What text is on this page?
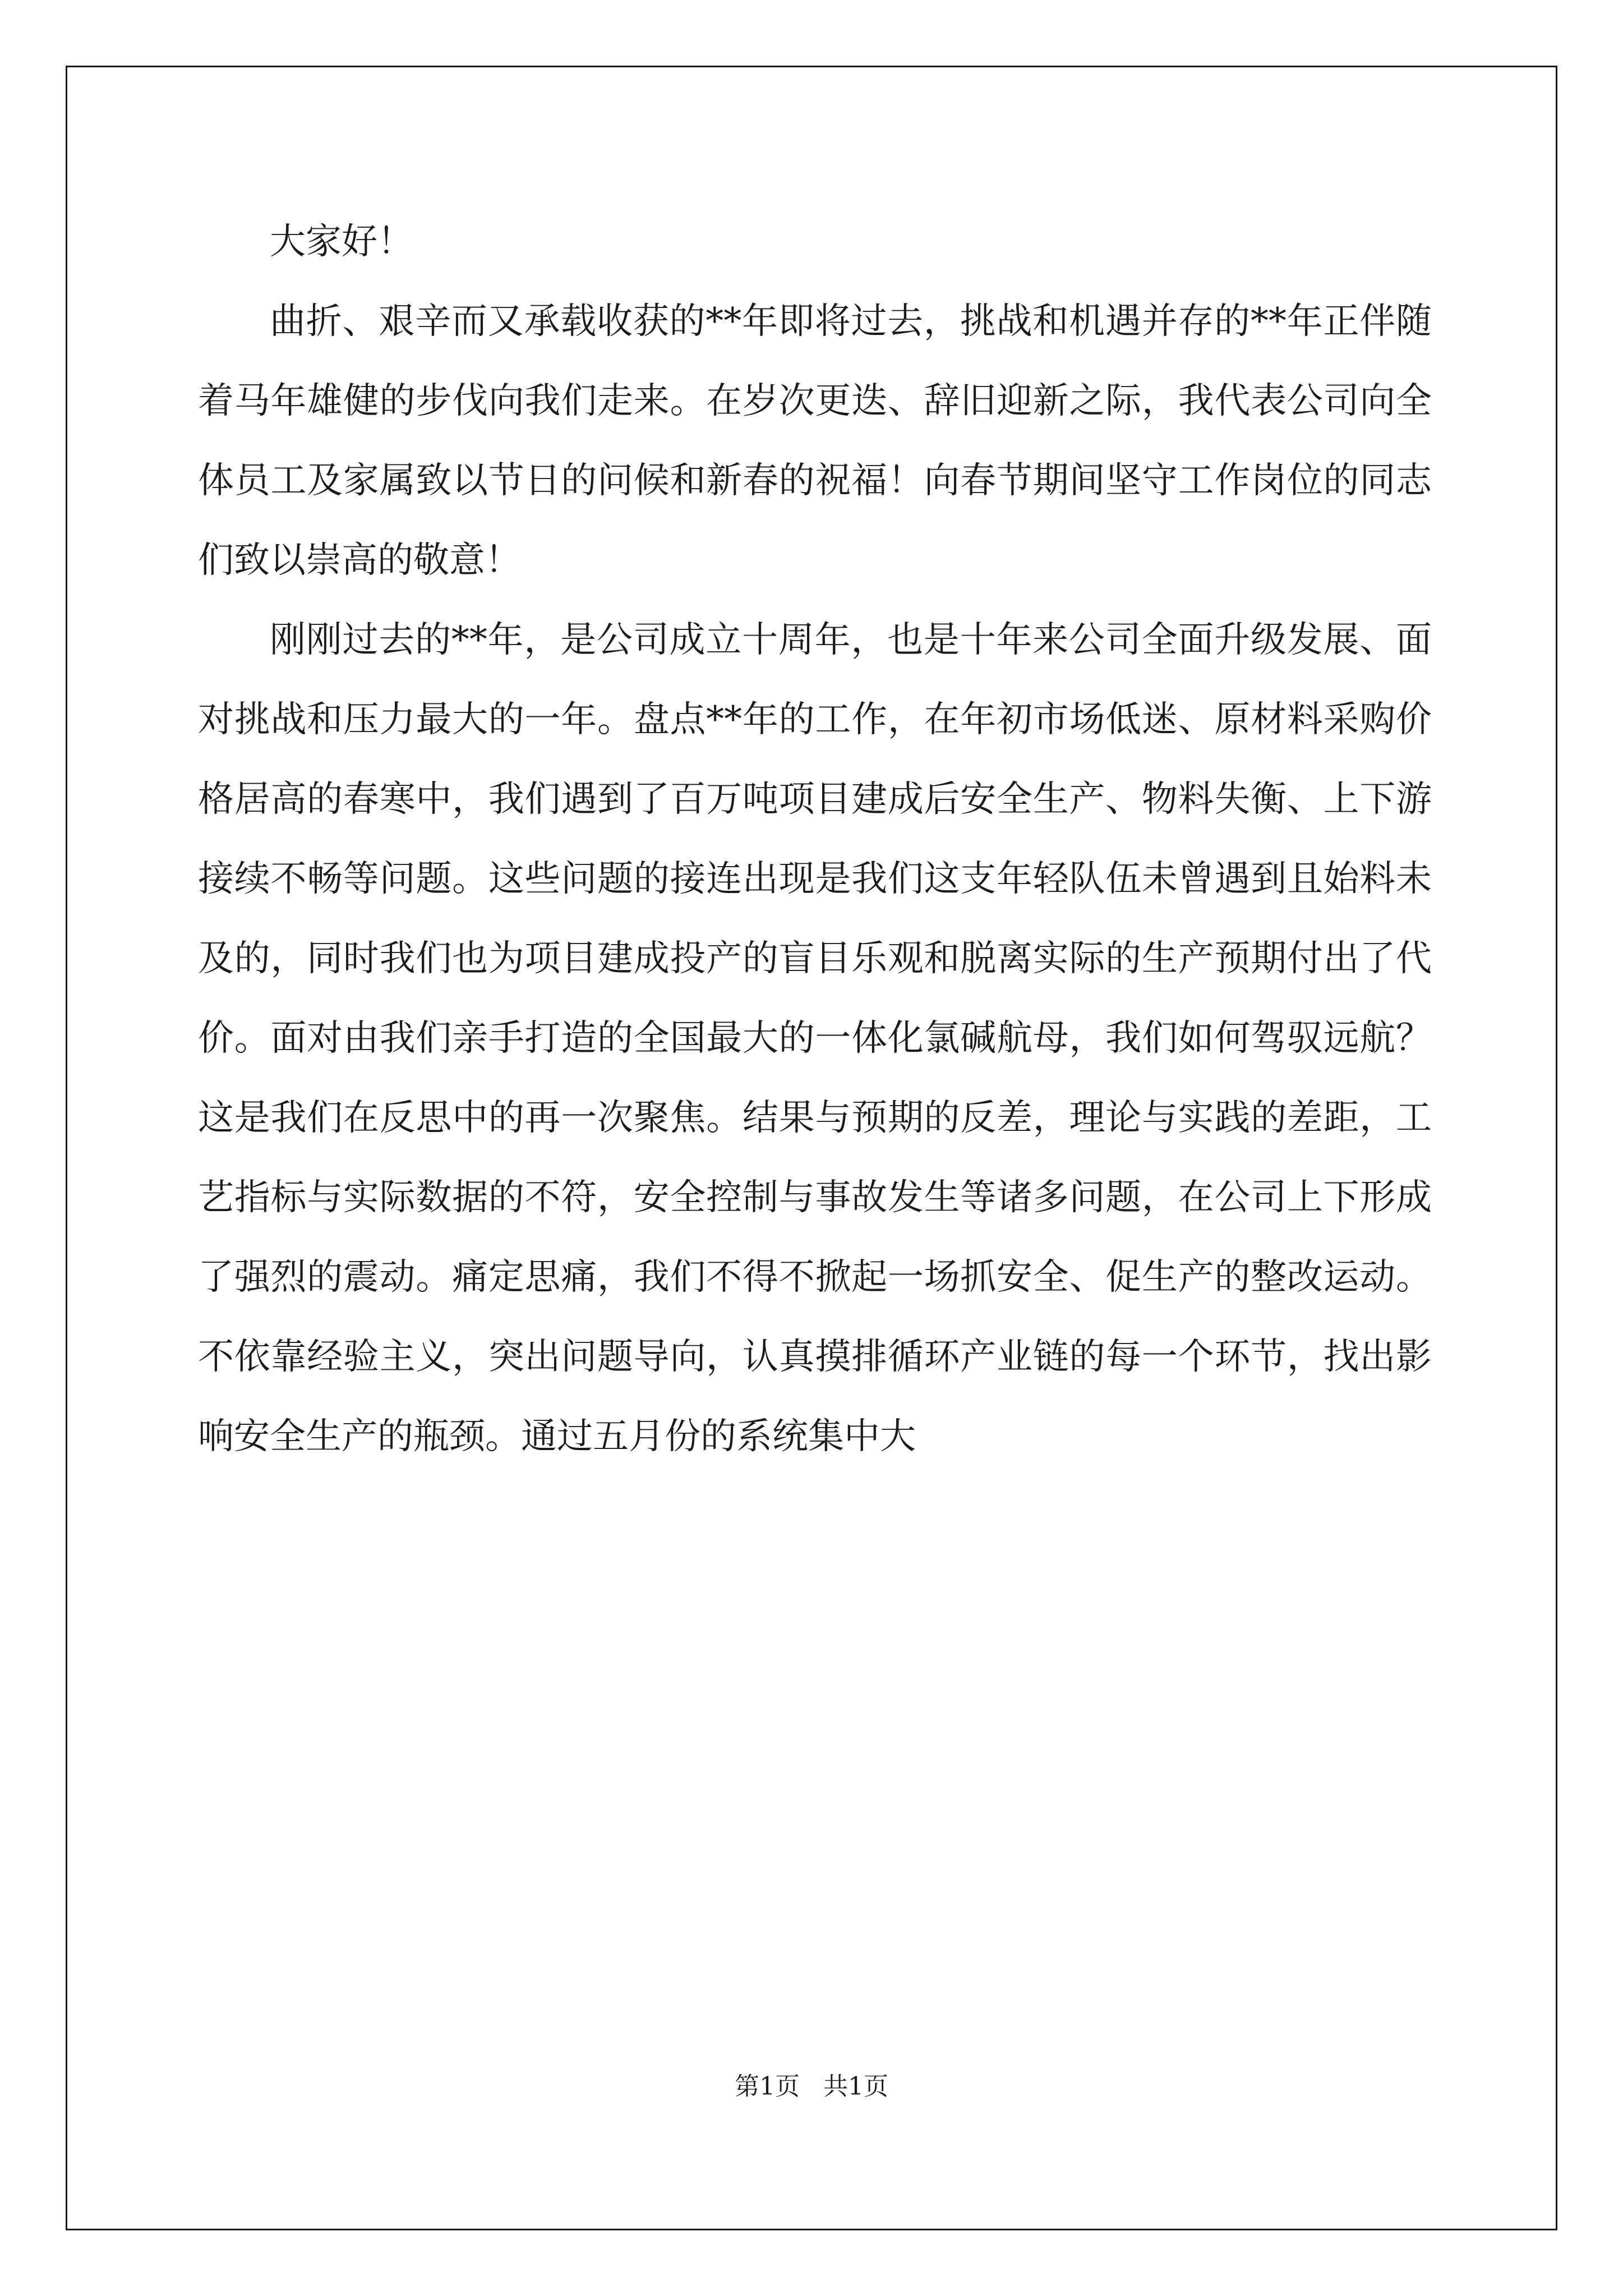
大家好！

曲折、艰辛而又承载收获的**年即将过去，挑战和机遇并存的**年正伴随着马年雄健的步伐向我们走来。在岁次更迭、辞旧迎新之际，我代表公司向全体员工及家属致以节日的问候和新春的祝福！向春节期间坚守工作岗位的同志们致以崇高的敬意！

刚刚过去的**年，是公司成立十周年，也是十年来公司全面升级发展、面对挑战和压力最大的一年。盘点**年的工作，在年初市场低迷、原材料采购价格居高的春寒中，我们遇到了百万吨项目建成后安全生产、物料失衡、上下游接续不畅等问题。这些问题的接连出现是我们这支年轻队伍未曾遇到且始料未及的，同时我们也为项目建成投产的盲目乐观和脱离实际的生产预期付出了代价。面对由我们亲手打造的全国最大的一体化氯碱航母，我们如何驾驭远航？这是我们在反思中的再一次聚焦。结果与预期的反差，理论与实践的差距，工艺指标与实际数据的不符，安全控制与事故发生等诸多问题，在公司上下形成了强烈的震动。痛定思痛，我们不得不掀起一场抓安全、促生产的整改运动。不依靠经验主义，突出问题导向，认真摸排循环产业链的每一个环节，找出影响安全生产的瓶颈。通过五月份的系统集中大

第1页   共1页
